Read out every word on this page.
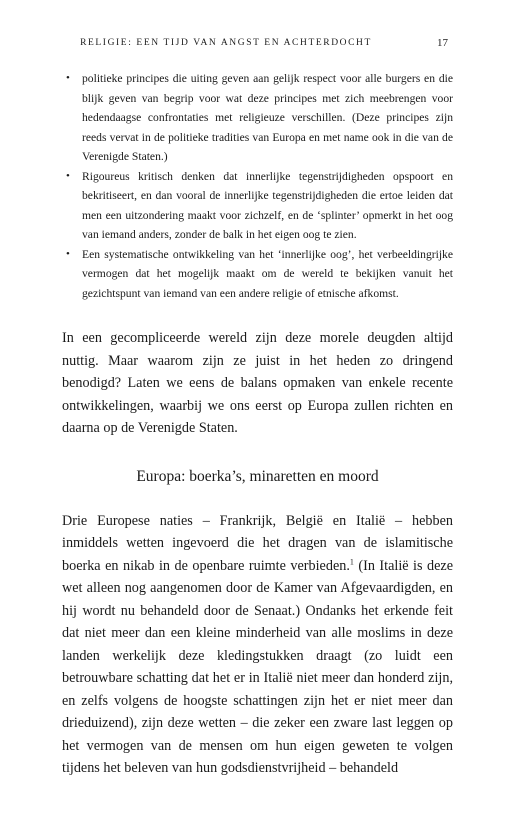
RELIGIE: EEN TIJD VAN ANGST EN ACHTERDOCHT	17
• politieke principes die uiting geven aan gelijk respect voor alle burgers en die blijk geven van begrip voor wat deze principes met zich meebrengen voor hedendaagse confrontaties met religieuze verschillen. (Deze principes zijn reeds vervat in de politieke tradities van Europa en met name ook in die van de Verenigde Staten.)
• Rigoureus kritisch denken dat innerlijke tegenstrijdigheden opspoort en bekritiseert, en dan vooral de innerlijke tegenstrijdigheden die ertoe leiden dat men een uitzondering maakt voor zichzelf, en de ‘splinter’ opmerkt in het oog van iemand anders, zonder de balk in het eigen oog te zien.
• Een systematische ontwikkeling van het ‘innerlijke oog’, het verbeeldingrijke vermogen dat het mogelijk maakt om de wereld te bekijken vanuit het gezichtspunt van iemand van een andere religie of etnische afkomst.

In een gecompliceerde wereld zijn deze morele deugden altijd nuttig. Maar waarom zijn ze juist in het heden zo dringend benodigd? Laten we eens de balans opmaken van enkele recente ontwikkelingen, waarbij we ons eerst op Europa zullen richten en daarna op de Verenigde Staten.

Europa: boerka’s, minaretten en moord

Drie Europese naties – Frankrijk, België en Italië – hebben inmiddels wetten ingevoerd die het dragen van de islamitische boerka en nikab in de openbare ruimte verbieden.$^1$ (In Italië is deze wet alleen nog aangenomen door de Kamer van Afgevaardigden, en hij wordt nu behandeld door de Senaat.) Ondanks het erkende feit dat niet meer dan een kleine minderheid van alle moslims in deze landen werkelijk deze kledingstukken draagt (zo luidt een betrouwbare schatting dat het er in Italië niet meer dan honderd zijn, en zelfs volgens de hoogste schattingen zijn het er niet meer dan drieduizend), zijn deze wetten – die zeker een zware last leggen op het vermogen van de mensen om hun eigen geweten te volgen tijdens het beleven van hun godsdienstvrijheid – behandeld
